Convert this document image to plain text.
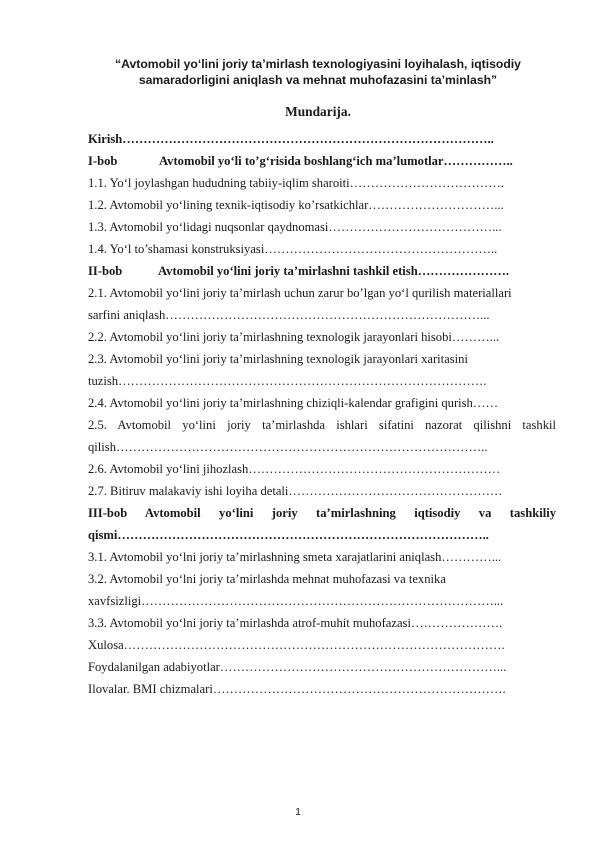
“Avtomobil yo‘lini joriy ta’mirlash texnologiyasini loyihalash, iqtisodiy
samaradorligini aniqlash va mehnat muhofazasini ta’minlash”
Mundarija.
Kirish……………………………………………………………………………..
I-bob	Avtomobil yo‘li to’g‘risida boshlang‘ich ma’lumotlar……………..
1.1. Yo‘l joylashgan hududning tabiiy-iqlim sharoiti……………………………….
1.2. Avtomobil yo‘lining texnik-iqtisodiy ko’rsatkichlar…………………………...
1.3. Avtomobil yo‘lidagi nuqsonlar qaydnomasi…………………………………...
1.4. Yo‘l to’shamasi konstruksiyasi………………………………………………..
II-bob	Avtomobil yo‘lini joriy ta’mirlashni tashkil etish………………….
2.1. Avtomobil yo‘lini joriy ta’mirlash uchun zarur bo’lgan yo‘l qurilish materiallari
sarfini aniqlash…………………………………………………………………...
2.2. Avtomobil yo‘lini joriy ta’mirlashning texnologik jarayonlari hisobi………...
2.3. Avtomobil yo‘lini joriy ta’mirlashning texnologik jarayonlari xaritasini
tuzish…………………………………………………………………………….
2.4. Avtomobil yo‘lini joriy ta’mirlashning chiziqli-kalendar grafigini qurish……
2.5. Avtomobil yo‘lini joriy ta’mirlashda ishlari sifatini nazorat qilishni tashkil
qilish……………………………………………………………………………..
2.6. Avtomobil yo‘lini jihozlash……………………………………………………
2.7. Bitiruv malakaviy ishi loyiha detali……………………………………………
III-bob Avtomobil yo‘lini joriy ta’mirlashning iqtisodiy va tashkiliy
qismi……………………………………………………………………………..
3.1. Avtomobil yo‘lni joriy ta’mirlashning smeta xarajatlarini aniqlash…………...
3.2. Avtomobil yo‘lni joriy ta’mirlashda mehnat muhofazasi va texnika
xavfsizligi…………………………………………………………………………...
3.3. Avtomobil yo‘lni joriy ta’mirlashda atrof-muhit muhofazasi………………….
Xulosa……………………………………………………………………………….
Foydalanilgan adabiyotlar…………………………………………………………...
Ilovalar. BMI chizmalari…………………………………………………………….
1
